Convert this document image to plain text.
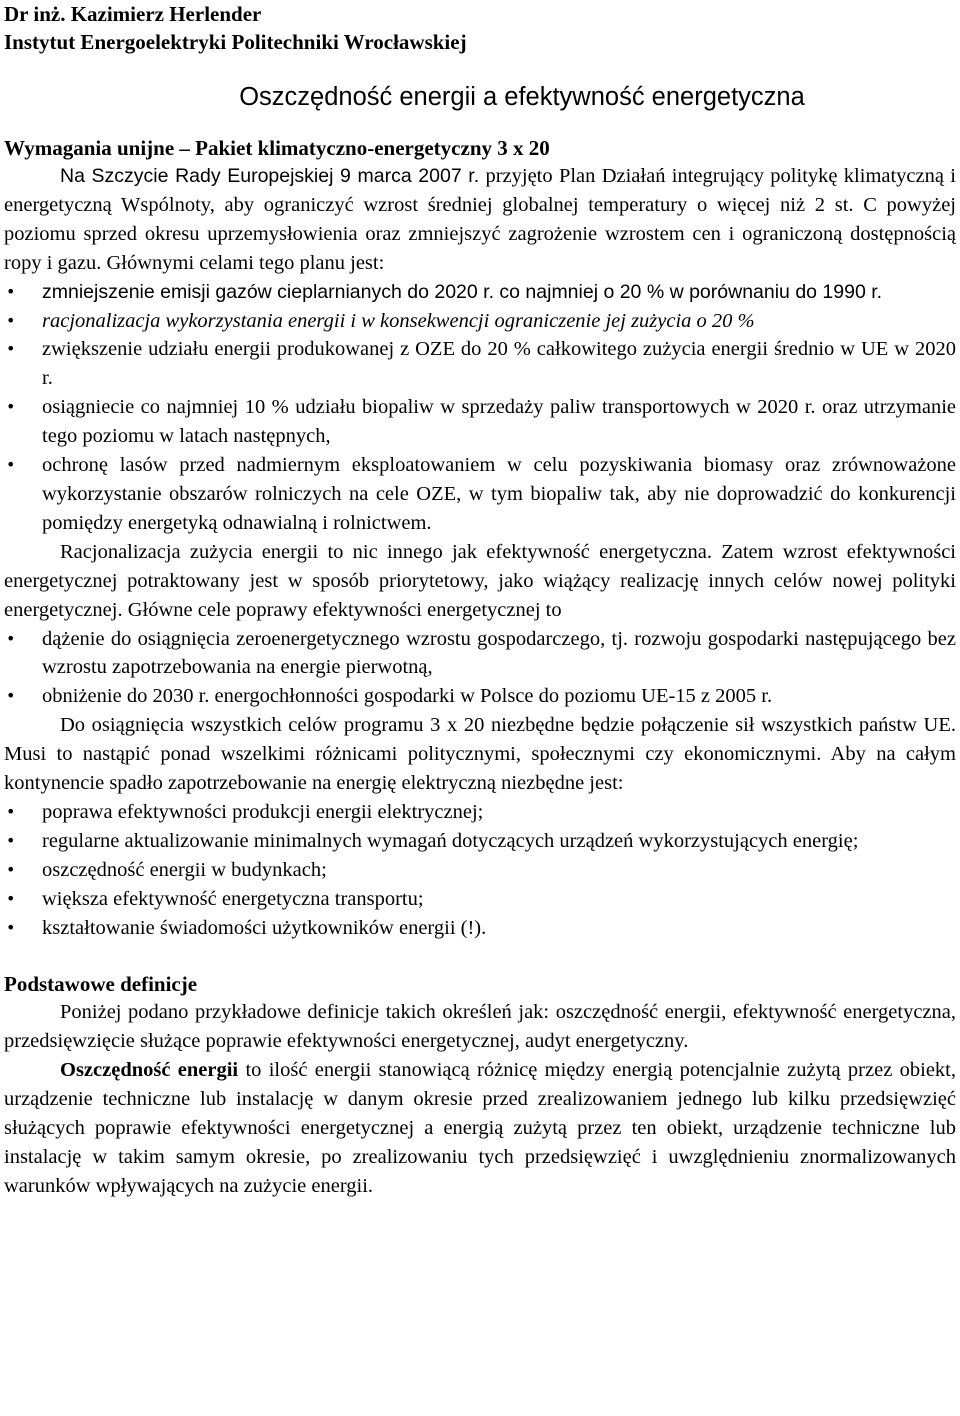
Dr inż. Kazimierz Herlender
Instytut Energoelektryki Politechniki Wrocławskiej
Oszczędność energii a efektywność energetyczna
Wymagania unijne – Pakiet klimatyczno-energetyczny 3 x 20

Na Szczycie Rady Europejskiej 9 marca 2007 r. przyjęto Plan Działań integrujący politykę klimatyczną i energetyczną Wspólnoty, aby ograniczyć wzrost średniej globalnej temperatury o więcej niż 2 st. C powyżej poziomu sprzed okresu uprzemysłowienia oraz zmniejszyć zagrożenie wzrostem cen i ograniczoną dostępnością ropy i gazu. Głównymi celami tego planu jest:

• zmniejszenie emisji gazów cieplarnianych do 2020 r. co najmniej o 20 % w porównaniu do 1990 r.
• racjonalizacja wykorzystania energii i w konsekwencji ograniczenie jej zużycia o 20 %
• zwiększenie udziału energii produkowanej z OZE do 20 % całkowitego zużycia energii średnio w UE w 2020 r.
• osiągniecie co najmniej 10 % udziału biopaliw w sprzedaży paliw transportowych w 2020 r. oraz utrzymanie tego poziomu w latach następnych,
• ochronę lasów przed nadmiernym eksploatowaniem w celu pozyskiwania biomasy oraz zrównoważone wykorzystanie obszarów rolniczych na cele OZE, w tym biopaliw tak, aby nie doprowadzić do konkurencji pomiędzy energetyką odnawialną i rolnictwem.

Racjonalizacja zużycia energii to nic innego jak efektywność energetyczna. Zatem wzrost efektywności energetycznej potraktowany jest w sposób priorytetowy, jako wiążący realizację innych celów nowej polityki energetycznej. Główne cele poprawy efektywności energetycznej to

• dążenie do osiągnięcia zeroenergetycznego wzrostu gospodarczego, tj. rozwoju gospodarki następującego bez wzrostu zapotrzebowania na energie pierwotną,
• obniżenie do 2030 r. energochłonności gospodarki w Polsce do poziomu UE-15 z 2005 r.

Do osiągnięcia wszystkich celów programu 3 x 20 niezbędne będzie połączenie sił wszystkich państw UE. Musi to nastąpić ponad wszelkimi różnicami politycznymi, społecznymi czy ekonomicznymi. Aby na całym kontynencie spadło zapotrzebowanie na energię elektryczną niezbędne jest:

• poprawa efektywności produkcji energii elektrycznej;
• regularne aktualizowanie minimalnych wymagań dotyczących urządzeń wykorzystujących energię;
• oszczędność energii w budynkach;
• większa efektywność energetyczna transportu;
• kształtowanie świadomości użytkowników energii (!).
Podstawowe definicje

Poniżej podano przykładowe definicje takich określeń jak: oszczędność energii, efektywność energetyczna, przedsięwzięcie służące poprawie efektywności energetycznej, audyt energetyczny.

Oszczędność energii to ilość energii stanowiącą różnicę między energią potencjalnie zużytą przez obiekt, urządzenie techniczne lub instalację w danym okresie przed zrealizowaniem jednego lub kilku przedsięwzięć służących poprawie efektywności energetycznej a energią zużytą przez ten obiekt, urządzenie techniczne lub instalację w takim samym okresie, po zrealizowaniu tych przedsięwzięć i uwzględnieniu znormalizowanych warunków wpływających na zużycie energii.
